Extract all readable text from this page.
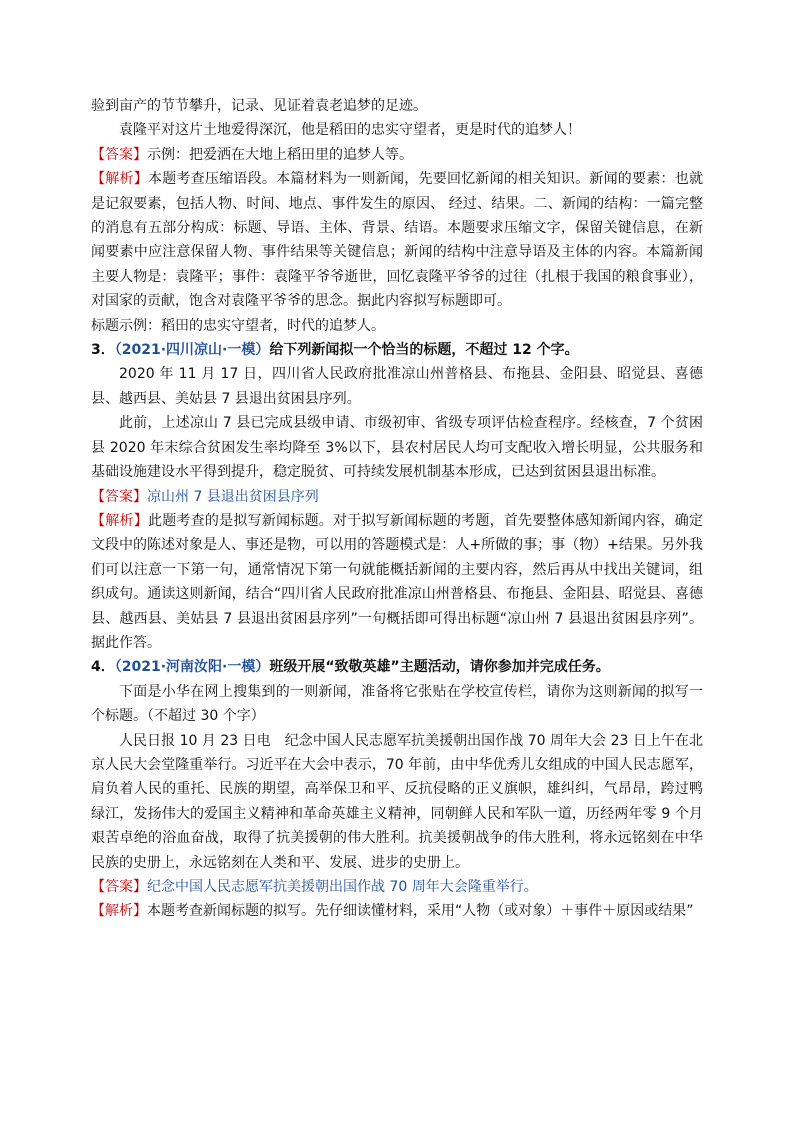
验到亩产的节节攀升，记录、见证着袁老追梦的足迹。

袁隆平对这片土地爱得深沉，他是稻田的忠实守望者，更是时代的追梦人！

【答案】示例：把爱洒在大地上稻田里的追梦人等。

【解析】本题考查压缩语段。本篇材料为一则新闻，先要回忆新闻的相关知识。新闻的要素：也就是记叙要素，包括人物、时间、地点、事件发生的原因、 经过、结果。二、新闻的结构：一篇完整的消息有五部分构成：标题、导语、主体、背景、结语。本题要求压缩文字，保留关键信息，在新闻要素中应注意保留人物、事件结果等关键信息；新闻的结构中注意导语及主体的内容。本篇新闻主要人物是：袁隆平；事件：袁隆平爷爷逝世，回忆袁隆平爷爷的过往（扎根于我国的粮食事业），对国家的贡献，饱含对袁隆平爷爷的思念。据此内容拟写标题即可。

标题示例：稻田的忠实守望者，时代的追梦人。

3．（2021·四川凉山·一模）给下列新闻拟一个恰当的标题，不超过 12 个字。

2020 年 11 月 17 日，四川省人民政府批准凉山州普格县、布拖县、金阳县、昭觉县、喜德县、越西县、美姑县 7 县退出贫困县序列。

此前，上述凉山 7 县已完成县级申请、市级初审、省级专项评估检查程序。经核查，7 个贫困县 2020 年末综合贫困发生率均降至 3%以下，县农村居民人均可支配收入增长明显，公共服务和基础设施建设水平得到提升，稳定脱贫、可持续发展机制基本形成，已达到贫困县退出标准。

【答案】凉山州 7 县退出贫困县序列

【解析】此题考查的是拟写新闻标题。对于拟写新闻标题的考题，首先要整体感知新闻内容，确定文段中的陈述对象是人、事还是物，可以用的答题模式是：人+所做的事；事（物）+结果。另外我们可以注意一下第一句，通常情况下第一句就能概括新闻的主要内容，然后再从中找出关键词，组织成句。通读这则新闻，结合“四川省人民政府批准凉山州普格县、布拖县、金阳县、昭觉县、喜德县、越西县、美姑县 7 县退出贫困县序列”一句概括即可得出标题“凉山州 7 县退出贫困县序列”。据此作答。

4．（2021·河南汝阳·一模）班级开展“致敬英雄”主题活动，请你参加并完成任务。

下面是小华在网上搜集到的一则新闻，准备将它张贴在学校宣传栏，请你为这则新闻的拟写一个标题。（不超过 30 个字）

人民日报 10 月 23 日电　纪念中国人民志愿军抗美援朝出国作战 70 周年大会 23 日上午在北京人民大会堂隆重举行。习近平在大会中表示，70 年前，由中华优秀儿女组成的中国人民志愿军，肩负着人民的重托、民族的期望，高举保卫和平、反抗侵略的正义旗帜，雄纠纠，气昂昂，跨过鸭绿江，发扬伟大的爱国主义精神和革命英雄主义精神，同朝鲜人民和军队一道，历经两年零 9 个月艰苦卓绝的浴血奋战，取得了抗美援朝的伟大胜利。抗美援朝战争的伟大胜利，将永远铭刻在中华民族的史册上，永远铭刻在人类和平、发展、进步的史册上。

【答案】纪念中国人民志愿军抗美援朝出国作战 70 周年大会隆重举行。

【解析】本题考查新闻标题的拟写。先仔细读懂材料，采用“人物（或对象）＋事件＋原因或结果”
